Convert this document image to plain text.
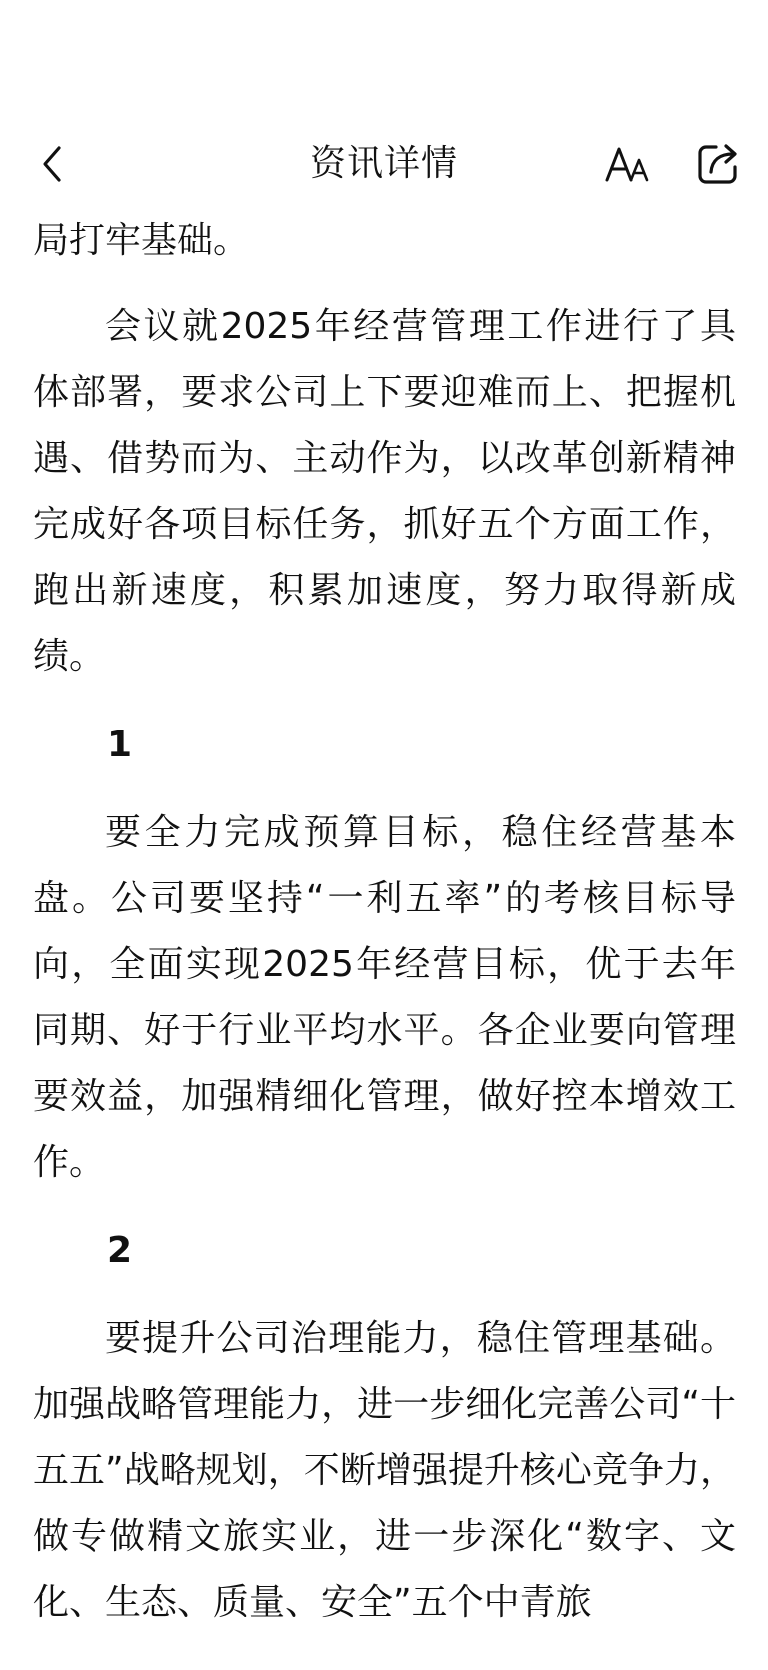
资讯详情

局打牢基础。

会议就2025年经营管理工作进行了具体部署，要求公司上下要迎难而上、把握机遇、借势而为、主动作为，以改革创新精神完成好各项目标任务，抓好五个方面工作，跑出新速度，积累加速度，努力取得新成绩。

1

要全力完成预算目标，稳住经营基本盘。公司要坚持“一利五率”的考核目标导向，全面实现2025年经营目标，优于去年同期、好于行业平均水平。各企业要向管理要效益，加强精细化管理，做好控本增效工作。

2

要提升公司治理能力，稳住管理基础。加强战略管理能力，进一步细化完善公司“十五五”战略规划，不断增强提升核心竞争力，做专做精文旅实业，进一步深化“数字、文化、生态、质量、安全”五个中青旅
